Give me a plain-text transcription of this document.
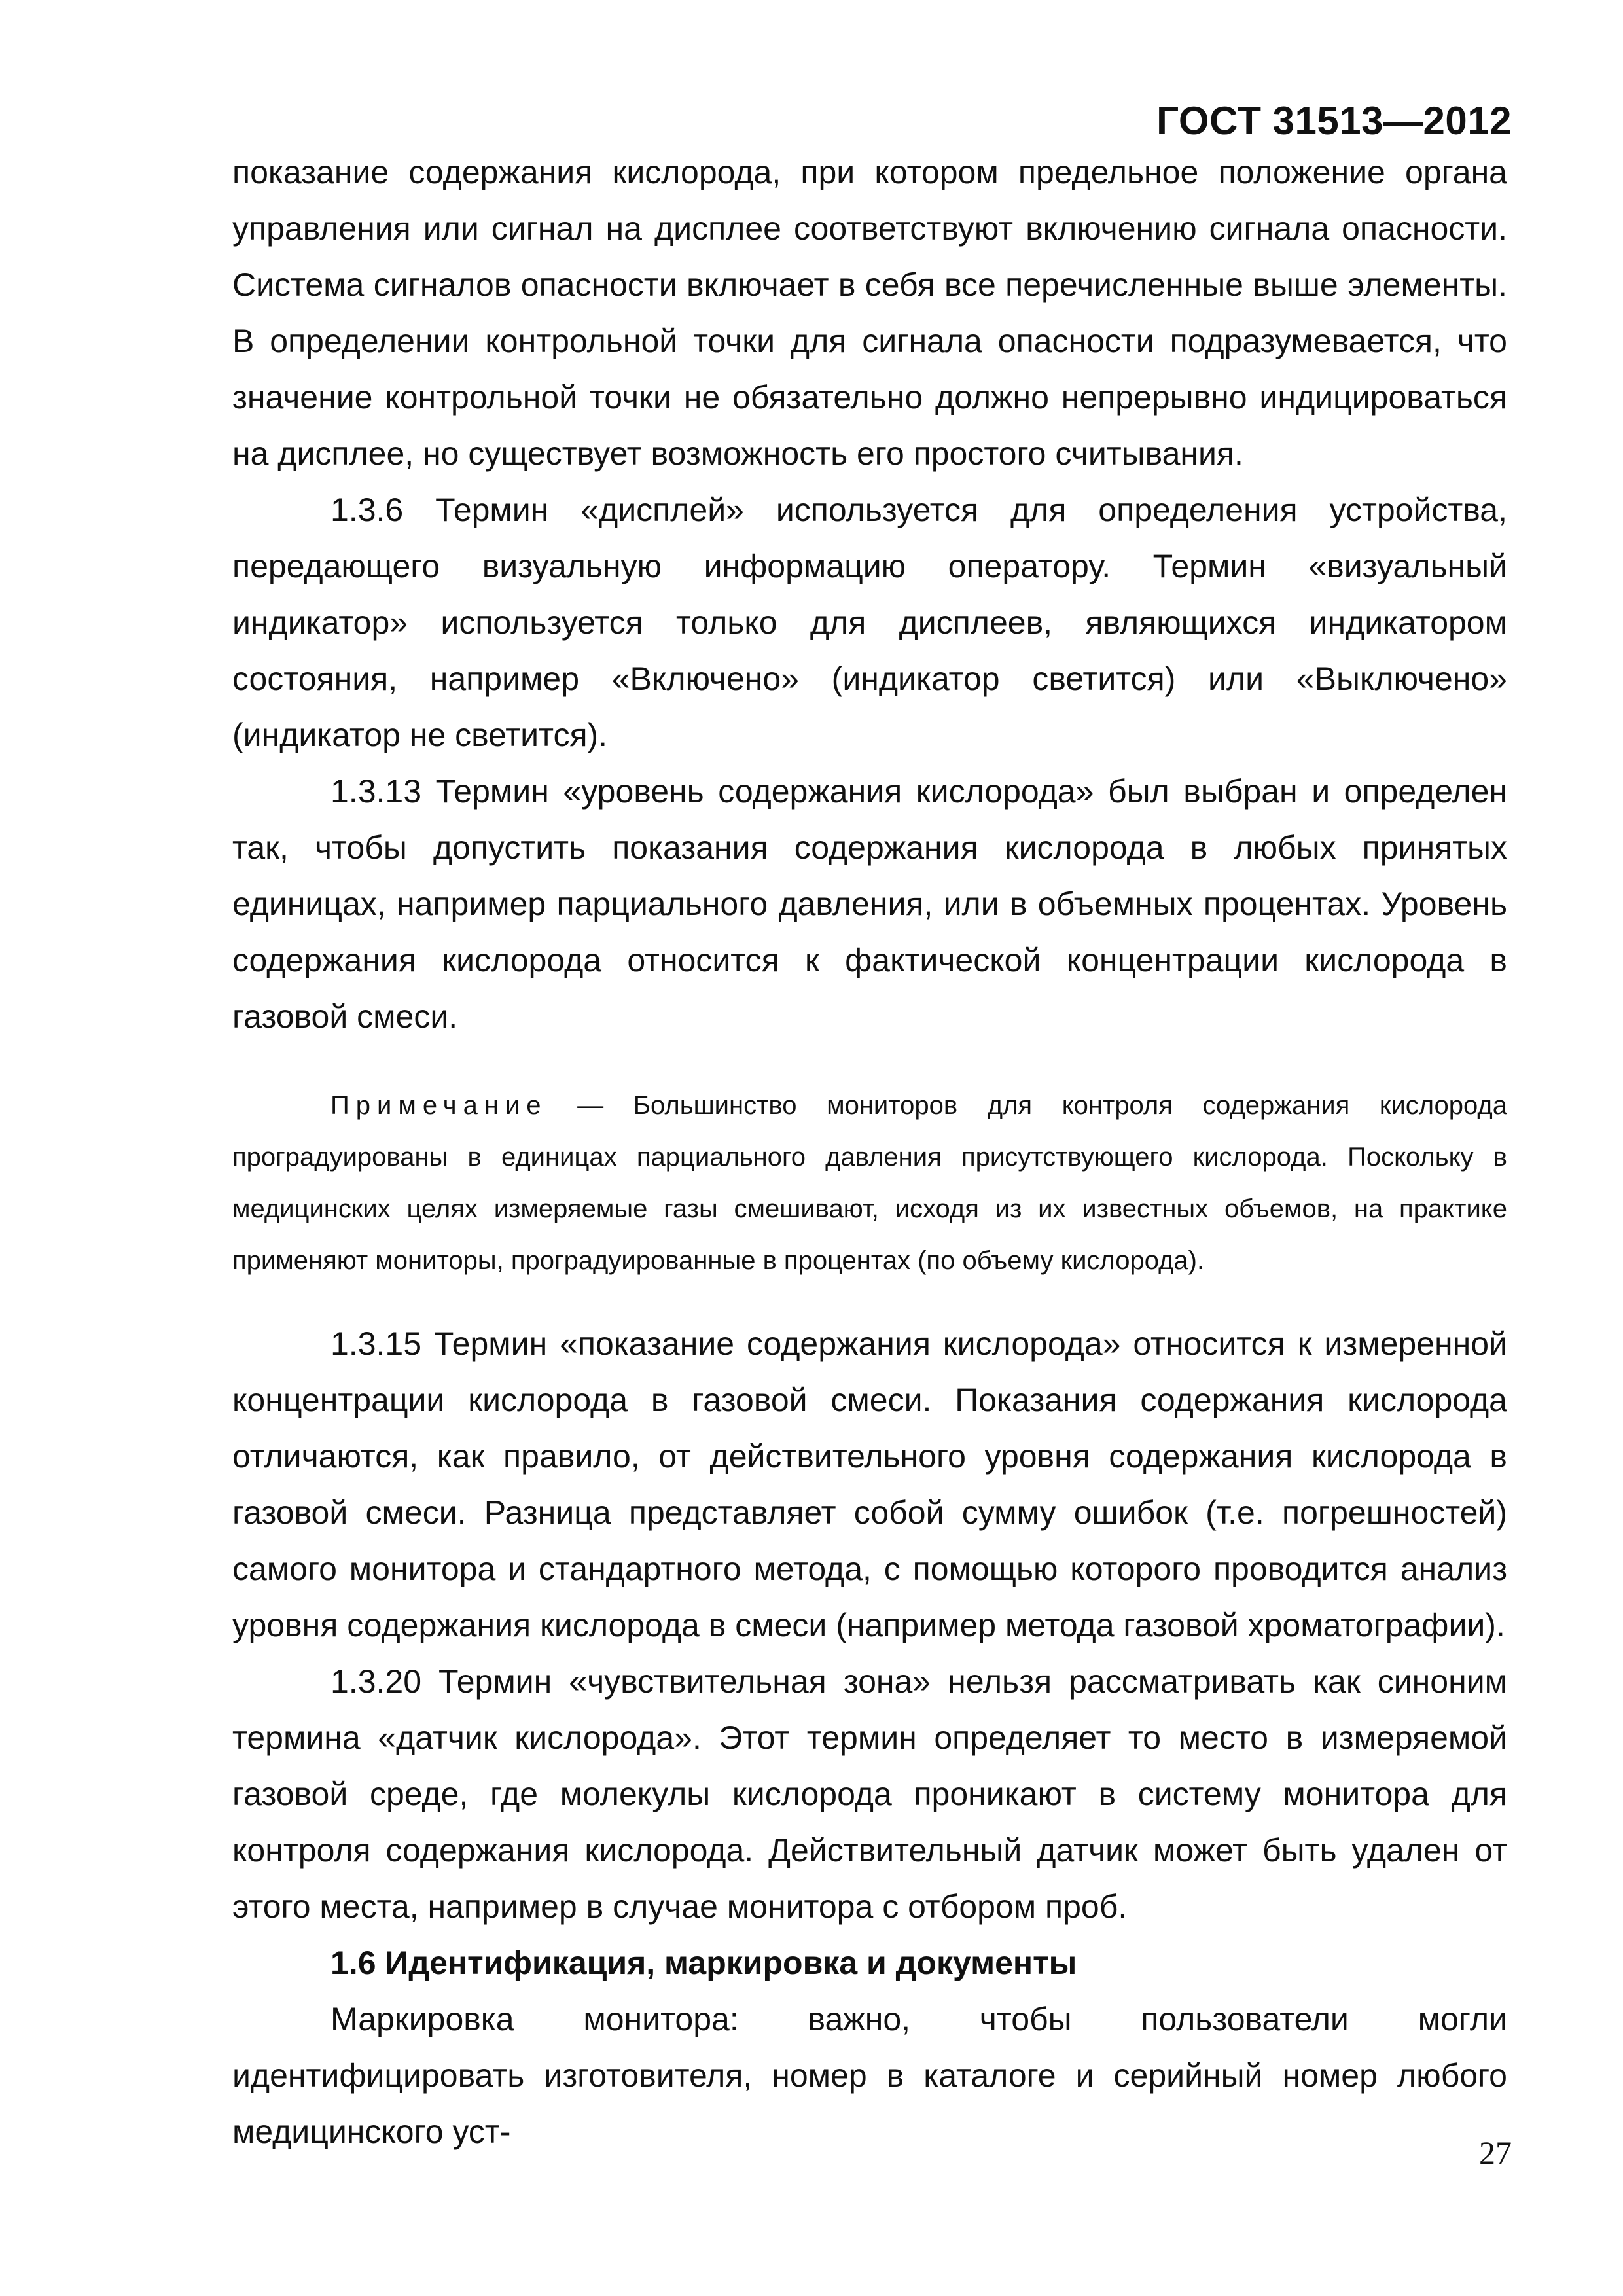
ГОСТ 31513—2012

показание содержания кислорода, при котором предельное положение органа управления или сигнал на дисплее соответствуют включению сигнала опасности. Система сигналов опасности включает в себя все перечисленные выше элементы. В определении контрольной точки для сигнала опасности подразумевается, что значение контрольной точки не обязательно должно непрерывно индицироваться на дисплее, но существует возможность его простого считывания.

1.3.6 Термин «дисплей» используется для определения устройства, передающего визуальную информацию оператору. Термин «визуальный индикатор» используется только для дисплеев, являющихся индикатором состояния, например «Включено» (индикатор светится) или «Выключено» (индикатор не светится).

1.3.13 Термин «уровень содержания кислорода» был выбран и определен так, чтобы допустить показания содержания кислорода в любых принятых единицах, например парциального давления, или в объемных процентах. Уровень содержания кислорода относится к фактической концентрации кислорода в газовой смеси.

Примечание — Большинство мониторов для контроля содержания кислорода проградуированы в единицах парциального давления присутствующего кислорода. Поскольку в медицинских целях измеряемые газы смешивают, исходя из их известных объемов, на практике применяют мониторы, проградуированные в процентах (по объему кислорода).

1.3.15 Термин «показание содержания кислорода» относится к измеренной концентрации кислорода в газовой смеси. Показания содержания кислорода отличаются, как правило, от действительного уровня содержания кислорода в газовой смеси. Разница представляет собой сумму ошибок (т.е. погрешностей) самого монитора и стандартного метода, с помощью которого проводится анализ уровня содержания кислорода в смеси (например метода газовой хроматографии).

1.3.20 Термин «чувствительная зона» нельзя рассматривать как синоним термина «датчик кислорода». Этот термин определяет то место в измеряемой газовой среде, где молекулы кислорода проникают в систему монитора для контроля содержания кислорода. Действительный датчик может быть удален от этого места, например в случае монитора с отбором проб.

1.6 Идентификация, маркировка и документы

Маркировка монитора: важно, чтобы пользователи могли идентифицировать изготовителя, номер в каталоге и серийный номер любого медицинского уст-

27
